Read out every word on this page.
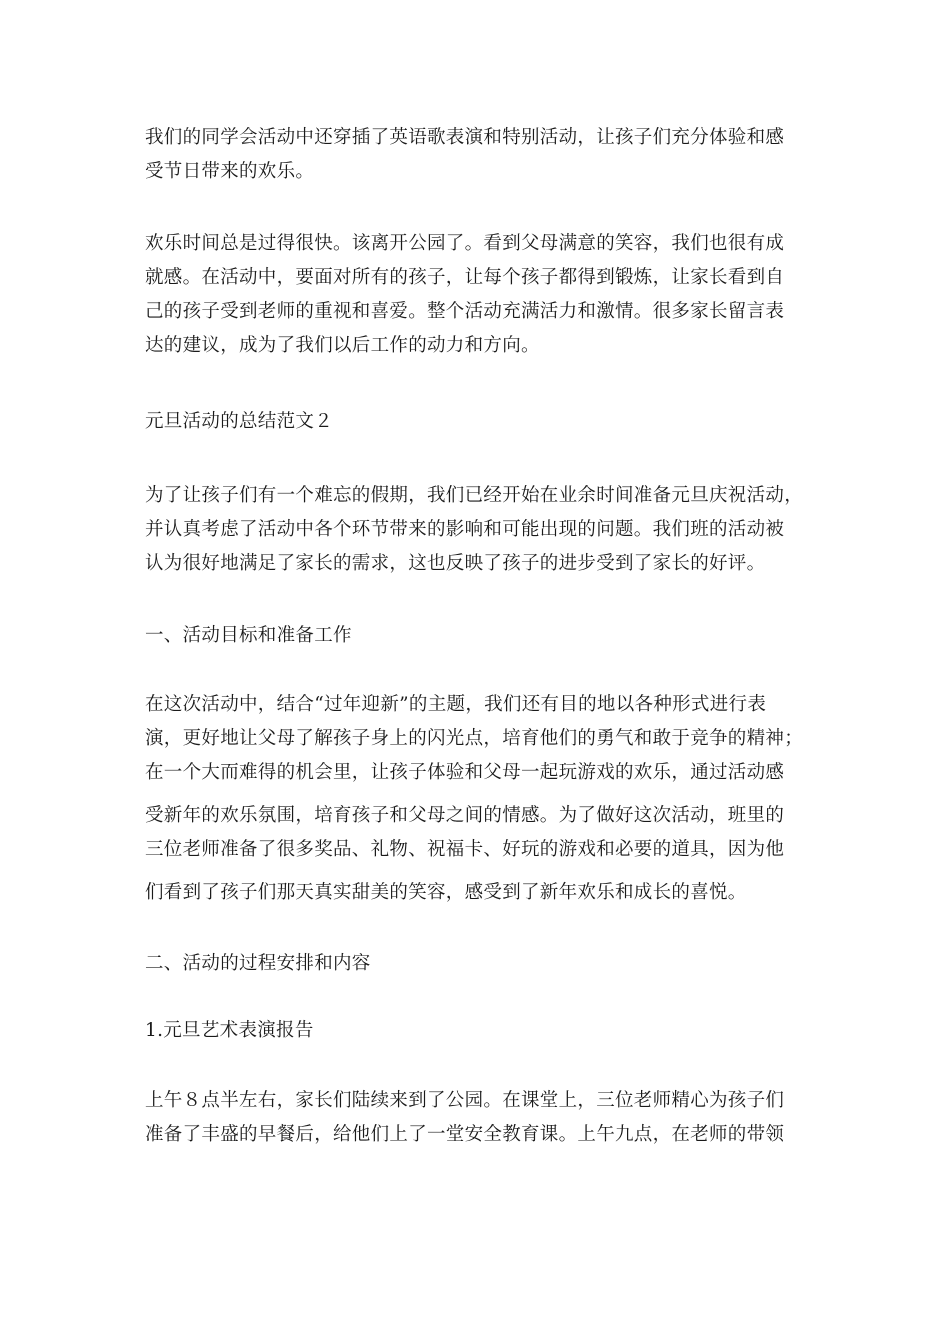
我们的同学会活动中还穿插了英语歌表演和特别活动，让孩子们充分体验和感
受节日带来的欢乐。
欢乐时间总是过得很快。该离开公园了。看到父母满意的笑容，我们也很有成
就感。在活动中，要面对所有的孩子，让每个孩子都得到锻炼，让家长看到自
己的孩子受到老师的重视和喜爱。整个活动充满活力和激情。很多家长留言表
达的建议，成为了我们以后工作的动力和方向。
元旦活动的总结范文２
为了让孩子们有一个难忘的假期，我们已经开始在业余时间准备元旦庆祝活动，
并认真考虑了活动中各个环节带来的影响和可能出现的问题。我们班的活动被
认为很好地满足了家长的需求，这也反映了孩子的进步受到了家长的好评。
一、活动目标和准备工作
在这次活动中，结合“过年迎新”的主题，我们还有目的地以各种形式进行表
演，更好地让父母了解孩子身上的闪光点，培育他们的勇气和敢于竞争的精神；
在一个大而难得的机会里，让孩子体验和父母一起玩游戏的欢乐，通过活动感
受新年的欢乐氛围，培育孩子和父母之间的情感。为了做好这次活动，班里的
三位老师准备了很多奖品、礼物、祝福卡、好玩的游戏和必要的道具，因为他
们看到了孩子们那天真实甜美的笑容，感受到了新年欢乐和成长的喜悦。
二、活动的过程安排和内容
1.元旦艺术表演报告
上午８点半左右，家长们陆续来到了公园。在课堂上，三位老师精心为孩子们
准备了丰盛的早餐后，给他们上了一堂安全教育课。上午九点，在老师的带领
